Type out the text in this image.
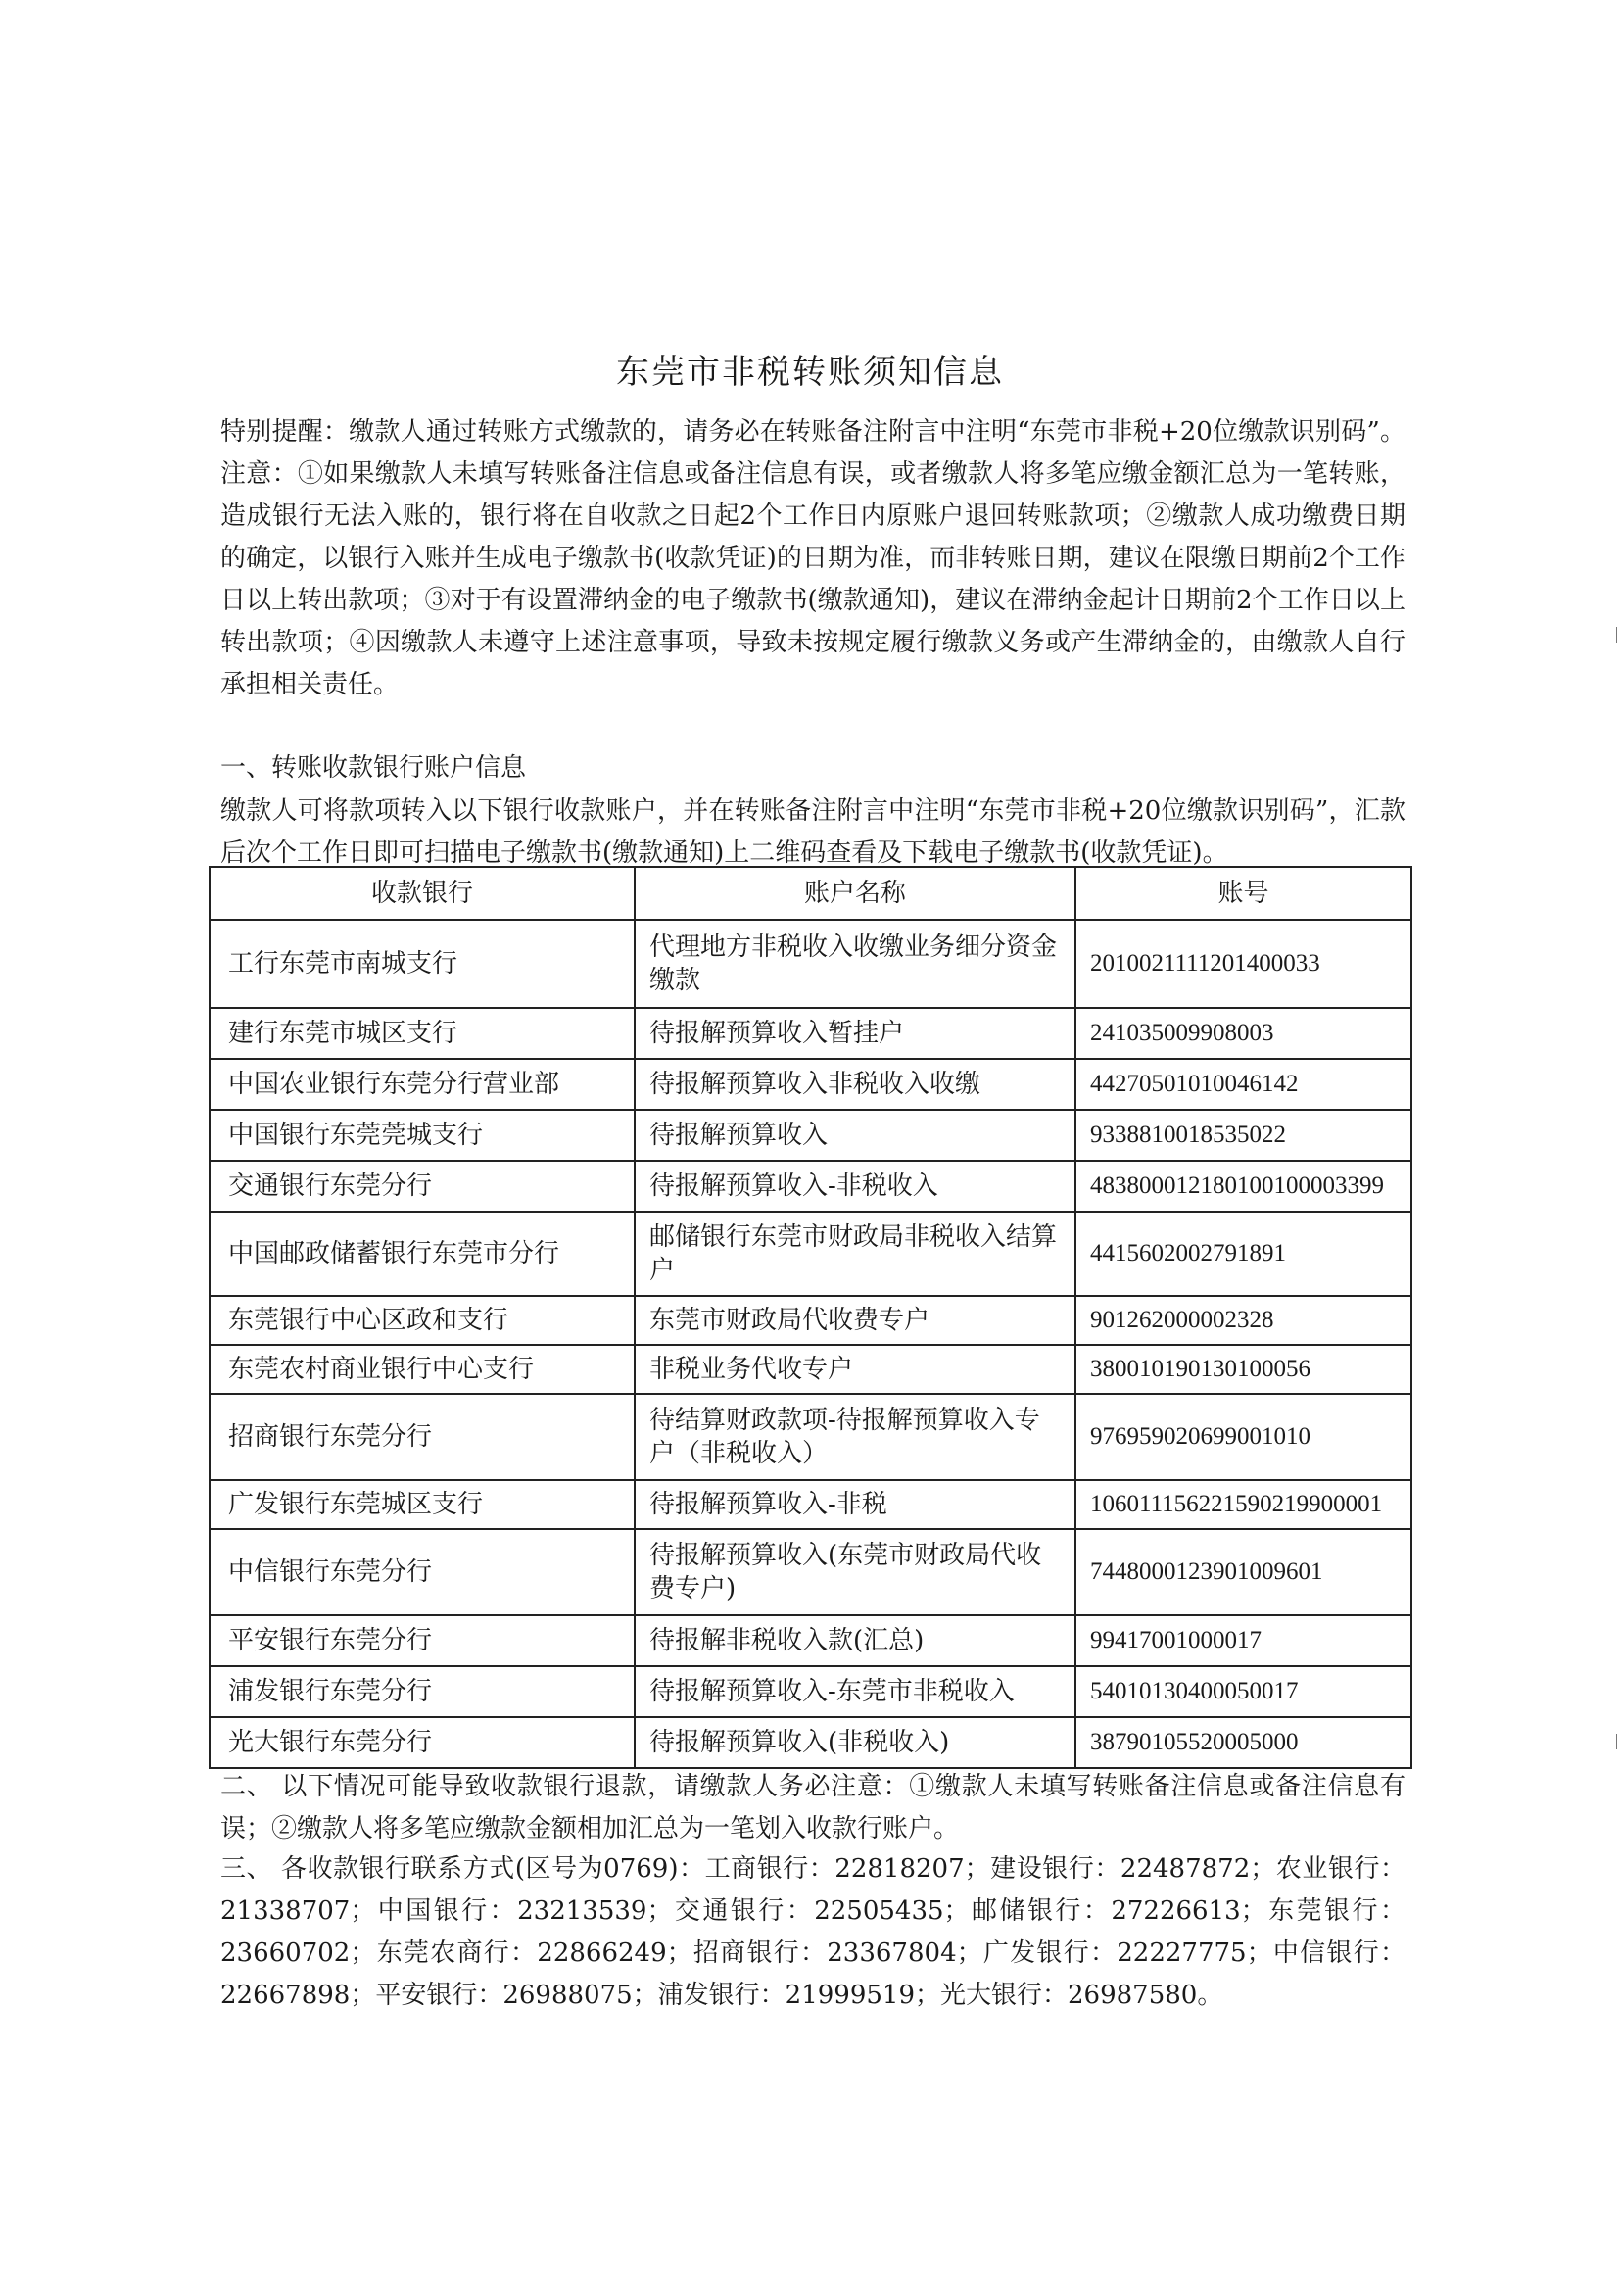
东莞市非税转账须知信息
特别提醒：缴款人通过转账方式缴款的，请务必在转账备注附言中注明“东莞市非税+20位缴款识别码”。注意：①如果缴款人未填写转账备注信息或备注信息有误，或者缴款人将多笔应缴金额汇总为一笔转账，造成银行无法入账的，银行将在自收款之日起2个工作日内原账户退回转账款项；②缴款人成功缴费日期的确定，以银行入账并生成电子缴款书(收款凭证)的日期为准，而非转账日期，建议在限缴日期前2个工作日以上转出款项；③对于有设置滞纳金的电子缴款书(缴款通知)，建议在滞纳金起计日期前2个工作日以上转出款项；④因缴款人未遵守上述注意事项，导致未按规定履行缴款义务或产生滞纳金的，由缴款人自行承担相关责任。
一、转账收款银行账户信息
缴款人可将款项转入以下银行收款账户，并在转账备注附言中注明“东莞市非税+20位缴款识别码”，汇款后次个工作日即可扫描电子缴款书(缴款通知)上二维码查看及下载电子缴款书(收款凭证)。
收款银行	账户名称	账号
工行东莞市南城支行	代理地方非税收入收缴业务细分资金缴款	2010021111201400033
建行东莞市城区支行	待报解预算收入暂挂户	241035009908003
中国农业银行东莞分行营业部	待报解预算收入非税收入收缴	44270501010046142
中国银行东莞莞城支行	待报解预算收入	9338810018535022
交通银行东莞分行	待报解预算收入-非税收入	483800012180100100003399
中国邮政储蓄银行东莞市分行	邮储银行东莞市财政局非税收入结算户	4415602002791891
东莞银行中心区政和支行	东莞市财政局代收费专户	901262000002328
东莞农村商业银行中心支行	非税业务代收专户	380010190130100056
招商银行东莞分行	待结算财政款项-待报解预算收入专户（非税收入）	976959020699001010
广发银行东莞城区支行	待报解预算收入-非税	106011156221590219900001
中信银行东莞分行	待报解预算收入(东莞市财政局代收费专户)	7448000123901009601
平安银行东莞分行	待报解非税收入款(汇总)	99417001000017
浦发银行东莞分行	待报解预算收入-东莞市非税收入	54010130400050017
光大银行东莞分行	待报解预算收入(非税收入)	38790105520005000
二、 以下情况可能导致收款银行退款，请缴款人务必注意：①缴款人未填写转账备注信息或备注信息有误；②缴款人将多笔应缴款金额相加汇总为一笔划入收款行账户。
三、 各收款银行联系方式(区号为0769)：工商银行：22818207；建设银行：22487872；农业银行：21338707；中国银行：23213539；交通银行：22505435；邮储银行：27226613；东莞银行：23660702；东莞农商行：22866249；招商银行：23367804；广发银行：22227775；中信银行：22667898；平安银行：26988075；浦发银行：21999519；光大银行：26987580。
